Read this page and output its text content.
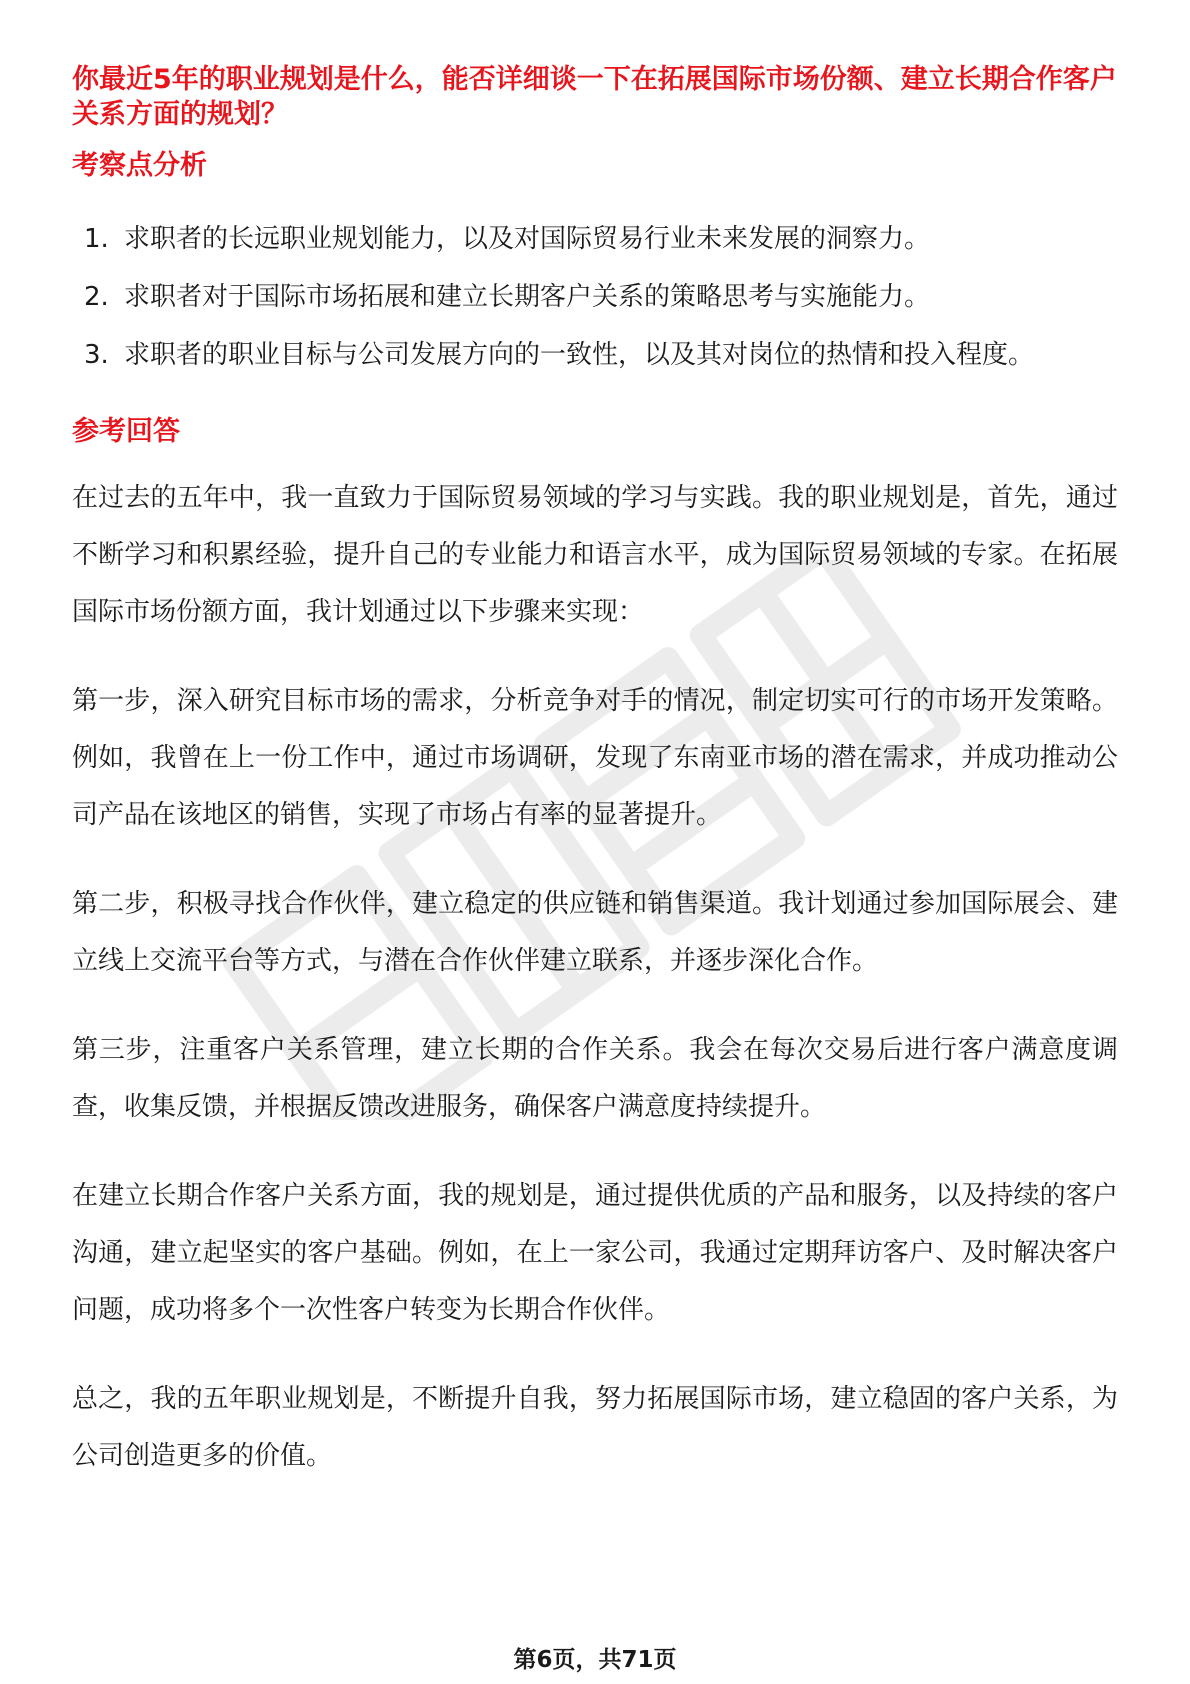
你最近5年的职业规划是什么，能否详细谈一下在拓展国际市场份额、建立长期合作客户关系方面的规划？
考察点分析
1. 求职者的长远职业规划能力，以及对国际贸易行业未来发展的洞察力。
2. 求职者对于国际市场拓展和建立长期客户关系的策略思考与实施能力。
3. 求职者的职业目标与公司发展方向的一致性，以及其对岗位的热情和投入程度。
参考回答

在过去的五年中，我一直致力于国际贸易领域的学习与实践。我的职业规划是，首先，通过不断学习和积累经验，提升自己的专业能力和语言水平，成为国际贸易领域的专家。在拓展国际市场份额方面，我计划通过以下步骤来实现：

第一步，深入研究目标市场的需求，分析竞争对手的情况，制定切实可行的市场开发策略。例如，我曾在上一份工作中，通过市场调研，发现了东南亚市场的潜在需求，并成功推动公司产品在该地区的销售，实现了市场占有率的显著提升。

第二步，积极寻找合作伙伴，建立稳定的供应链和销售渠道。我计划通过参加国际展会、建立线上交流平台等方式，与潜在合作伙伴建立联系，并逐步深化合作。

第三步，注重客户关系管理，建立长期的合作关系。我会在每次交易后进行客户满意度调查，收集反馈，并根据反馈改进服务，确保客户满意度持续提升。

在建立长期合作客户关系方面，我的规划是，通过提供优质的产品和服务，以及持续的客户沟通，建立起坚实的客户基础。例如，在上一家公司，我通过定期拜访客户、及时解决客户问题，成功将多个一次性客户转变为长期合作伙伴。

总之，我的五年职业规划是，不断提升自我，努力拓展国际市场，建立稳固的客户关系，为公司创造更多的价值。

第6页，共71页
